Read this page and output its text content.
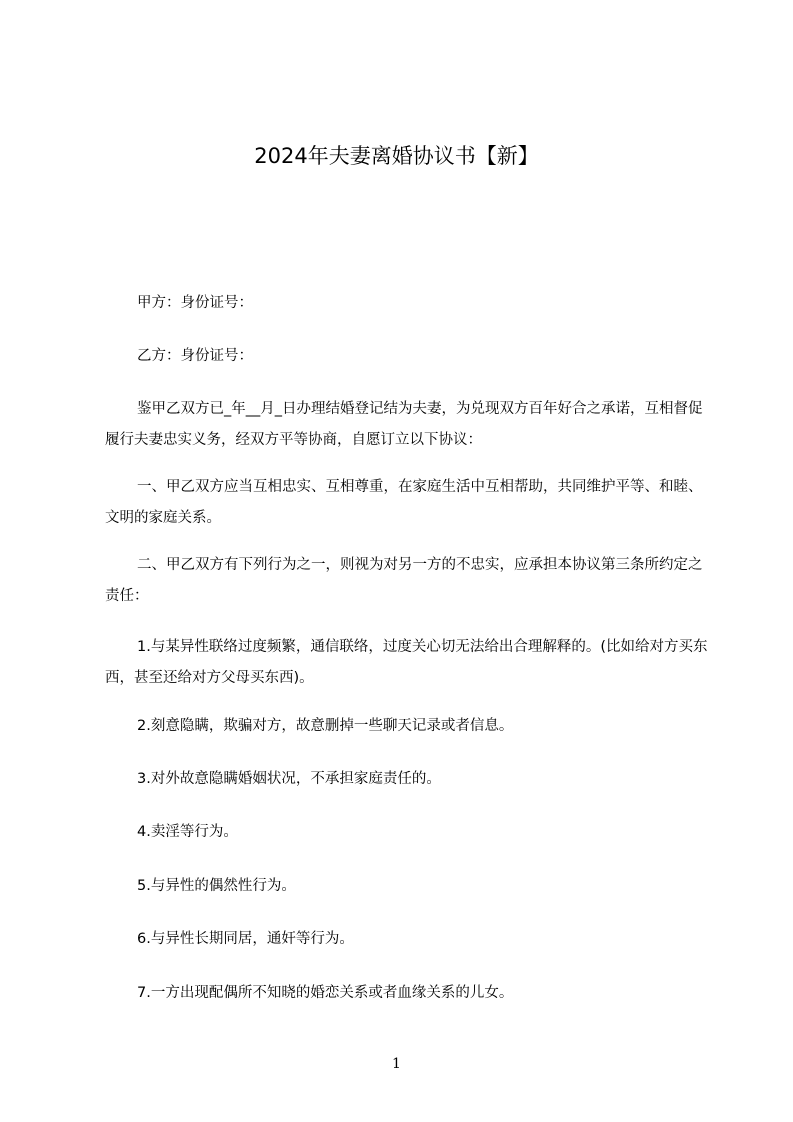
2024年夫妻离婚协议书【新】

甲方：身份证号：

乙方：身份证号：

鉴甲乙双方已_年__月_日办理结婚登记结为夫妻，为兑现双方百年好合之承诺，互相督促履行夫妻忠实义务，经双方平等协商，自愿订立以下协议：

一、甲乙双方应当互相忠实、互相尊重，在家庭生活中互相帮助，共同维护平等、和睦、文明的家庭关系。

二、甲乙双方有下列行为之一，则视为对另一方的不忠实，应承担本协议第三条所约定之责任：

1.与某异性联络过度频繁，通信联络，过度关心切无法给出合理解释的。(比如给对方买东西，甚至还给对方父母买东西)。

2.刻意隐瞒，欺骗对方，故意删掉一些聊天记录或者信息。

3.对外故意隐瞒婚姻状况，不承担家庭责任的。

4.卖淫等行为。

5.与异性的偶然性行为。

6.与异性长期同居，通奸等行为。

7.一方出现配偶所不知晓的婚恋关系或者血缘关系的儿女。

1
